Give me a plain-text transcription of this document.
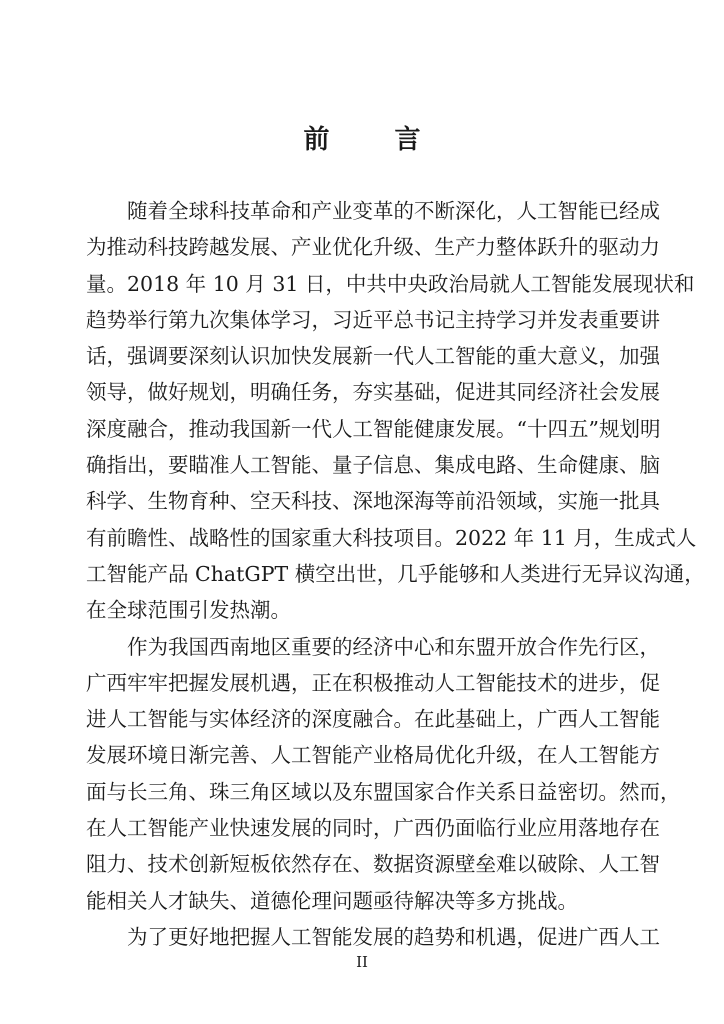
前 言
随着全球科技革命和产业变革的不断深化，人工智能已经成
为推动科技跨越发展、产业优化升级、生产力整体跃升的驱动力
量。2018 年 10 月 31 日，中共中央政治局就人工智能发展现状和
趋势举行第九次集体学习，习近平总书记主持学习并发表重要讲
话，强调要深刻认识加快发展新一代人工智能的重大意义，加强
领导，做好规划，明确任务，夯实基础，促进其同经济社会发展
深度融合，推动我国新一代人工智能健康发展。“十四五”规划明
确指出，要瞄准人工智能、量子信息、集成电路、生命健康、脑
科学、生物育种、空天科技、深地深海等前沿领域，实施一批具
有前瞻性、战略性的国家重大科技项目。2022 年 11 月，生成式人
工智能产品 ChatGPT 横空出世，几乎能够和人类进行无异议沟通，
在全球范围引发热潮。
作为我国西南地区重要的经济中心和东盟开放合作先行区，
广西牢牢把握发展机遇，正在积极推动人工智能技术的进步，促
进人工智能与实体经济的深度融合。在此基础上，广西人工智能
发展环境日渐完善、人工智能产业格局优化升级，在人工智能方
面与长三角、珠三角区域以及东盟国家合作关系日益密切。然而，
在人工智能产业快速发展的同时，广西仍面临行业应用落地存在
阻力、技术创新短板依然存在、数据资源壁垒难以破除、人工智
能相关人才缺失、道德伦理问题亟待解决等多方挑战。
为了更好地把握人工智能发展的趋势和机遇，促进广西人工
II
